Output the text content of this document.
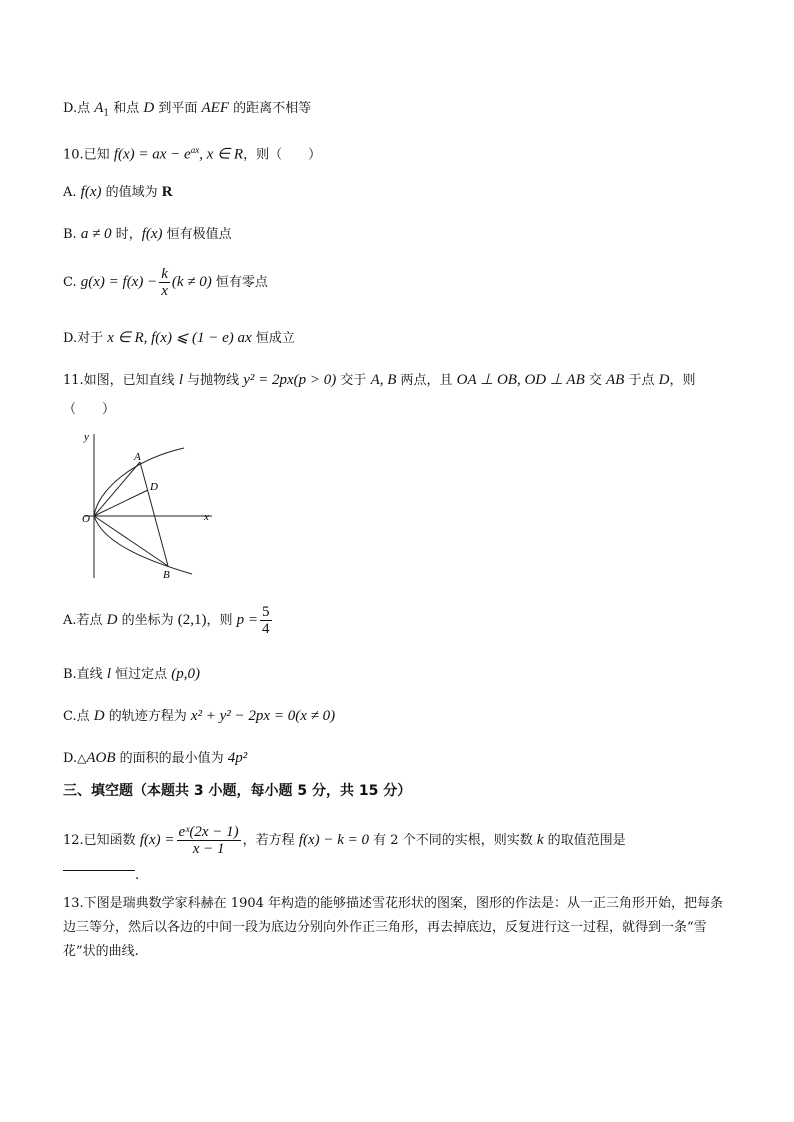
D.点 $A_1$ 和点 D 到平面 AEF 的距离不相等
10.已知 f(x) = ax − $e^{ax}$, x ∈ R，则（　　）
A. f(x) 的值域为 R
B. a ≠ 0 时，f(x) 恒有极值点
C. $g(x) = f(x) - \frac{k}{x} (k \ne 0)$ 恒有零点
D.对于 x ∈ R, f(x) ⩽ (1 − e) ax 恒成立
11.如图，已知直线 l 与抛物线 y² = 2px(p > 0) 交于 A, B 两点，且 OA ⊥ OB, OD ⊥ AB 交 AB 于点 D，则
（　　）
y
x
O
A
D
B
A.若点 D 的坐标为 (2,1)，则 $p = \frac{5}{4}$
B.直线 l 恒过定点 (p,0)
C.点 D 的轨迹方程为 x² + y² − 2px = 0(x ≠ 0)
D.△AOB 的面积的最小值为 4p²
三、填空题（本题共 3 小题，每小题 5 分，共 15 分）
12.已知函数 $f(x) = \frac{\text{eˣ(2x − 1)}}{x - 1}$ ，若方程 f(x) − k = 0 有 2 个不同的实根，则实数 k 的取值范围是
.
13.下图是瑞典数学家科赫在 1904 年构造的能够描述雪花形状的图案，图形的作法是：从一正三角形开始，把每条边三等分，然后以各边的中间一段为底边分别向外作正三角形，再去掉底边，反复进行这一过程，就得到一条“雪花”状的曲线.
